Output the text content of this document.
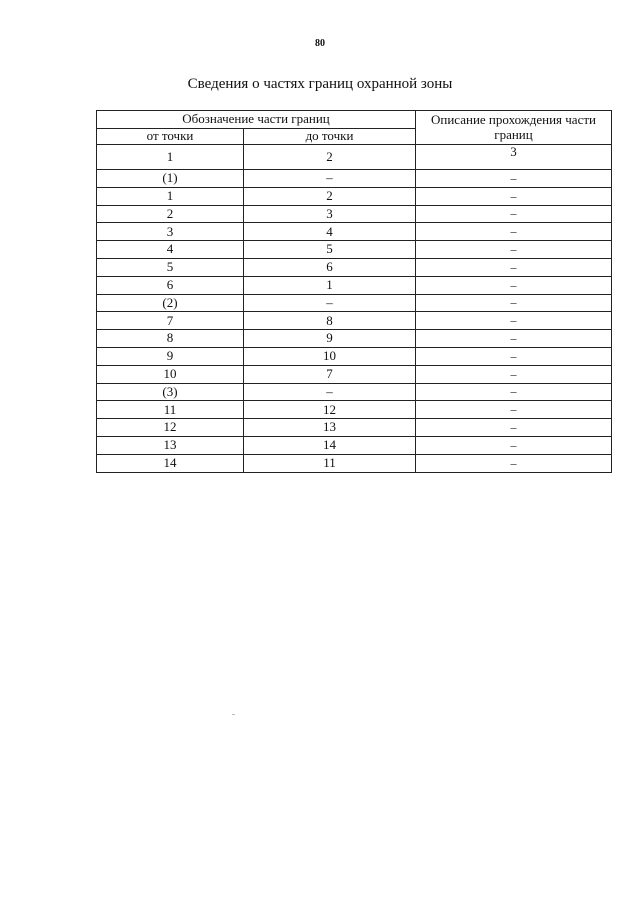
80
Сведения о частях границ охранной зоны
Обозначение части границ		Описание прохождения части границ
от точки	до точки	
1	2	3
(1)	–	–
1	2	–
2	3	–
3	4	–
4	5	–
5	6	–
6	1	–
(2)	–	–
7	8	–
8	9	–
9	10	–
10	7	–
(3)	–	–
11	12	–
12	13	–
13	14	–
14	11	–
